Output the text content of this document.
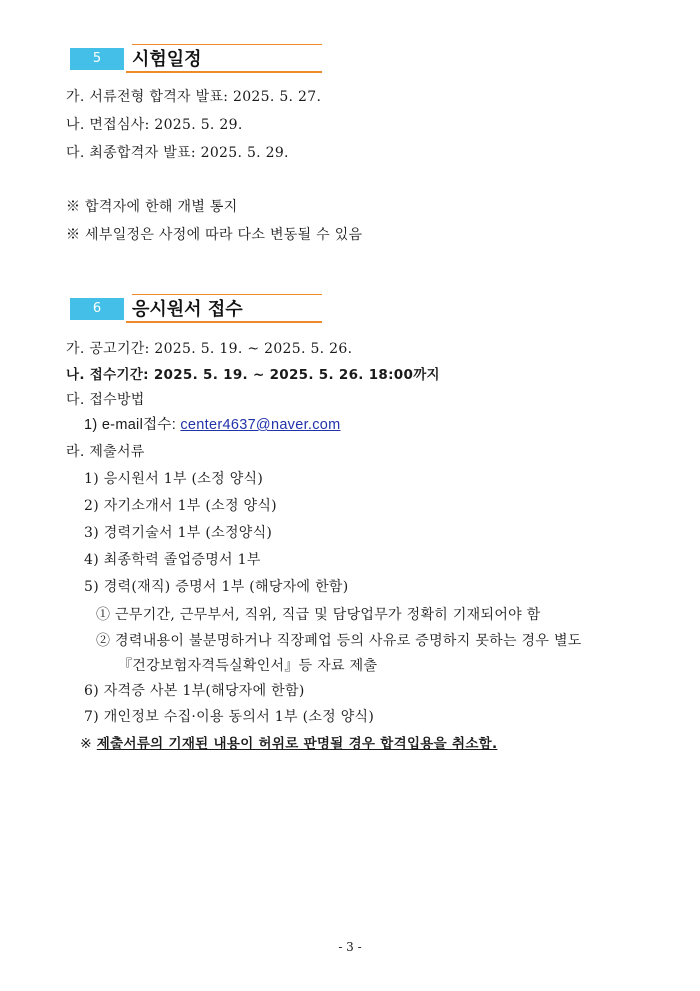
5	시험일정
가. 서류전형 합격자 발표: 2025. 5. 27.
나. 면접심사: 2025. 5. 29.
다. 최종합격자 발표: 2025. 5. 29.
※ 합격자에 한해 개별 통지
※ 세부일정은 사정에 따라 다소 변동될 수 있음
6	응시원서 접수
가. 공고기간: 2025. 5. 19. ~ 2025. 5. 26.
나. 접수기간: 2025. 5. 19. ~ 2025. 5. 26. 18:00까지
다. 접수방법
1) e-mail접수: center4637@naver.com
라. 제출서류
1) 응시원서 1부 (소정 양식)
2) 자기소개서 1부 (소정 양식)
3) 경력기술서 1부 (소정양식)
4) 최종학력 졸업증명서 1부
5) 경력(재직) 증명서 1부 (해당자에 한함)
① 근무기간, 근무부서, 직위, 직급 및 담당업무가 정확히 기재되어야 함
② 경력내용이 불분명하거나 직장폐업 등의 사유로 증명하지 못하는 경우 별도
『건강보험자격득실확인서』등 자료 제출
6) 자격증 사본 1부(해당자에 한함)
7) 개인정보 수집·이용 동의서 1부 (소정 양식)
※ 제출서류의 기재된 내용이 허위로 판명될 경우 합격입용을 취소함.
- 3 -
